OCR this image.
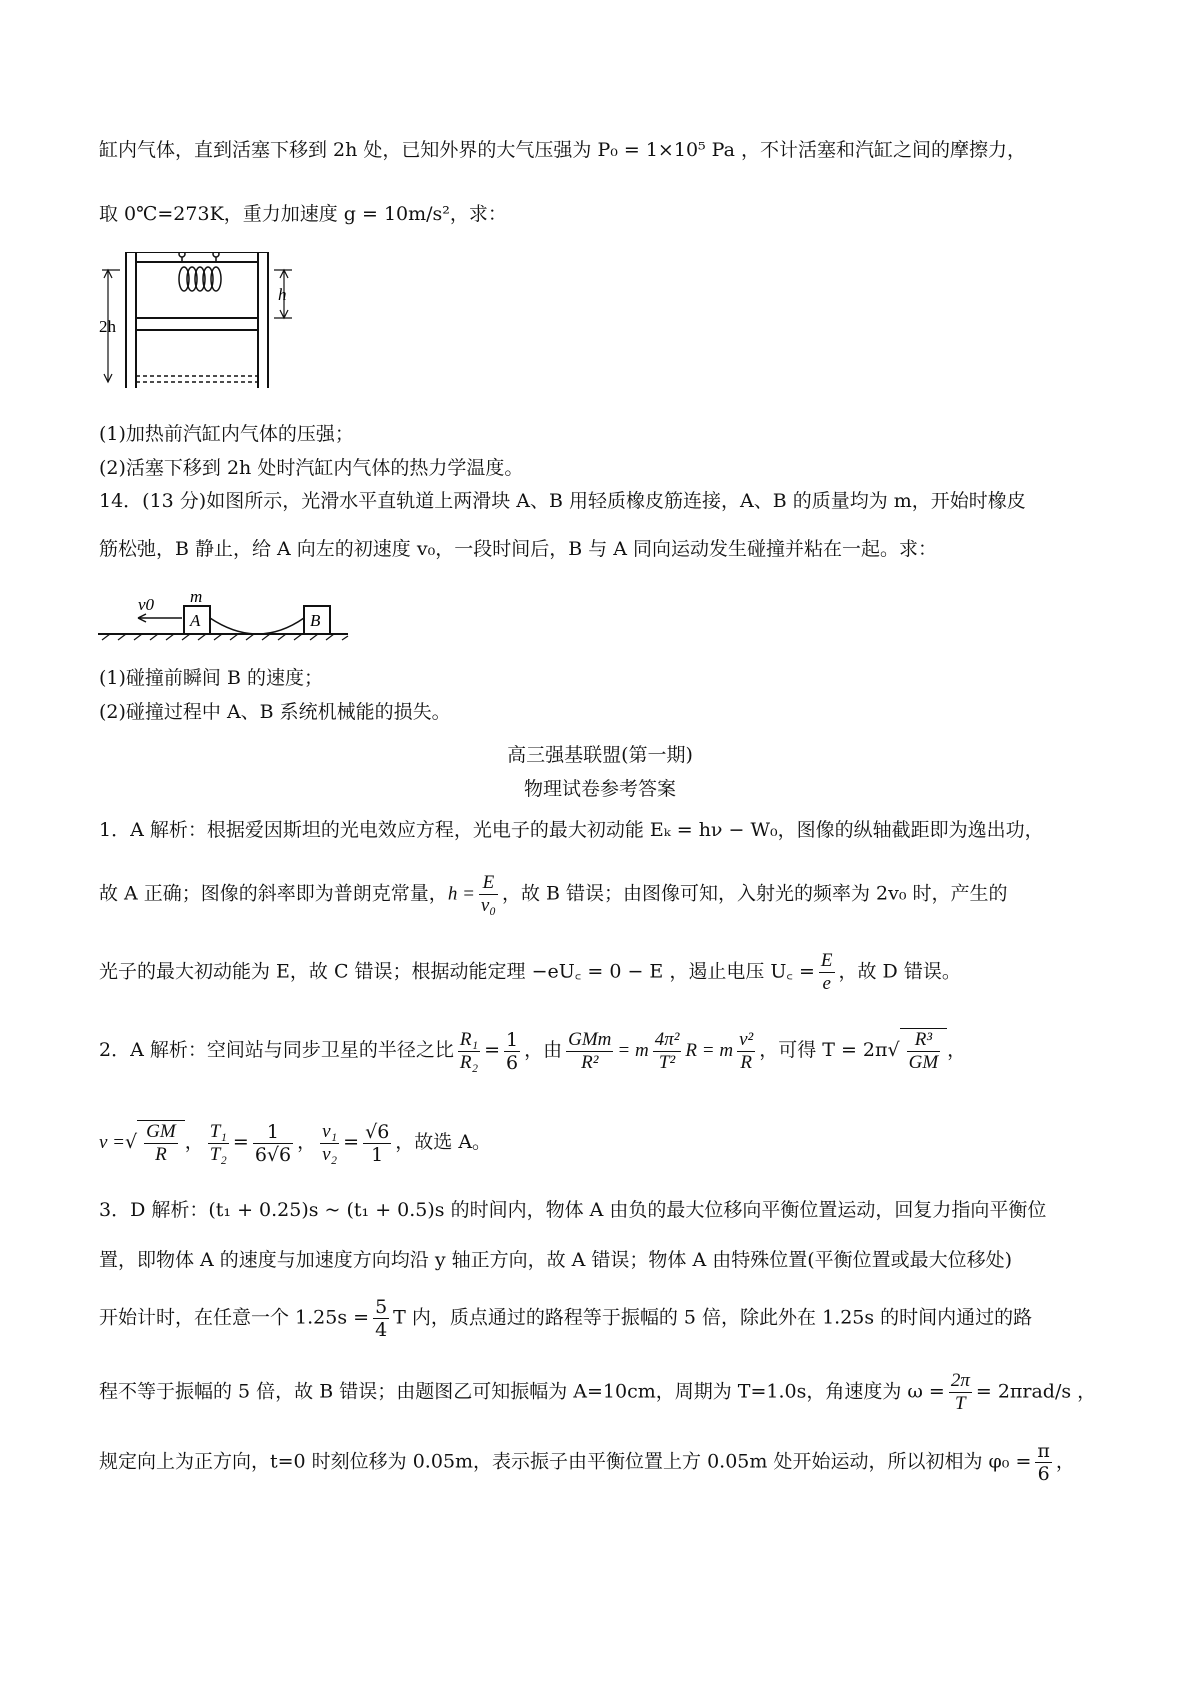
缸内气体，直到活塞下移到 2h 处，已知外界的大气压强为 P₀ = 1×10⁵ Pa ，不计活塞和汽缸之间的摩擦力，
取 0℃=273K，重力加速度 g = 10m/s²，求：
2h
h
(1)加热前汽缸内气体的压强；
(2)活塞下移到 2h 处时汽缸内气体的热力学温度。
14．(13 分)如图所示，光滑水平直轨道上两滑块 A、B 用轻质橡皮筋连接，A、B 的质量均为 m，开始时橡皮
筋松弛，B 静止，给 A 向左的初速度 v₀，一段时间后，B 与 A 同向运动发生碰撞并粘在一起。求：
v0 m
A	B
(1)碰撞前瞬间 B 的速度；
(2)碰撞过程中 A、B 系统机械能的损失。
高三强基联盟(第一期)
物理试卷参考答案
1．A 解析：根据爱因斯坦的光电效应方程，光电子的最大初动能 Eₖ = hν − W₀，图像的纵轴截距即为逸出功，
故 A 正确；图像的斜率即为普朗克常量，$h = \frac{E}{\text{v₀}}$ ，故 B 错误；由图像可知，入射光的频率为 2v₀ 时，产生的
光子的最大初动能为 E，故 C 错误；根据动能定理 −eU꜀ = 0 − E ，遏止电压 U꜀ = $\frac{E}{e}$ ，故 D 错误。
2．A 解析：空间站与同步卫星的半径之比 $\frac{\text{R₁}}{\text{R₂}} = \frac{1}{6}$ ，由 $\frac{\text{GMm}}{\text{R²}} = m \frac{\text{4π²}}{\text{T²}}$ R = m $\frac{\text{v²}}{R}$ ，可得 $T = 2\pi√ \frac{\text{R³}}{GM}$ ，
v =√ $\frac{GM}{R}$ ， $\frac{\text{T₁}}{\text{T₂}} = \frac{1}{6√6}$ ， $\frac{\text{v₁}}{\text{v₂}} = \frac{√6}{1}$ ，故选 A。
3．D 解析：(t₁ + 0.25)s ~ (t₁ + 0.5)s 的时间内，物体 A 由负的最大位移向平衡位置运动，回复力指向平衡位
置，即物体 A 的速度与加速度方向均沿 y 轴正方向，故 A 错误；物体 A 由特殊位置(平衡位置或最大位移处)
开始计时，在任意一个 $1.25s = \frac{5}{4}$ T 内，质点通过的路程等于振幅的 5 倍，除此外在 1.25s 的时间内通过的路
程不等于振幅的 5 倍，故 B 错误；由题图乙可知振幅为 A=10cm，周期为 T=1.0s，角速度为 $\omega = \frac{2\pi}{T} = 2\pi rad/s$ ，
规定向上为正方向，t=0 时刻位移为 0.05m，表示振子由平衡位置上方 0.05m 处开始运动，所以初相为 $\varphi_0 = \frac{\pi}{6}$ ，
